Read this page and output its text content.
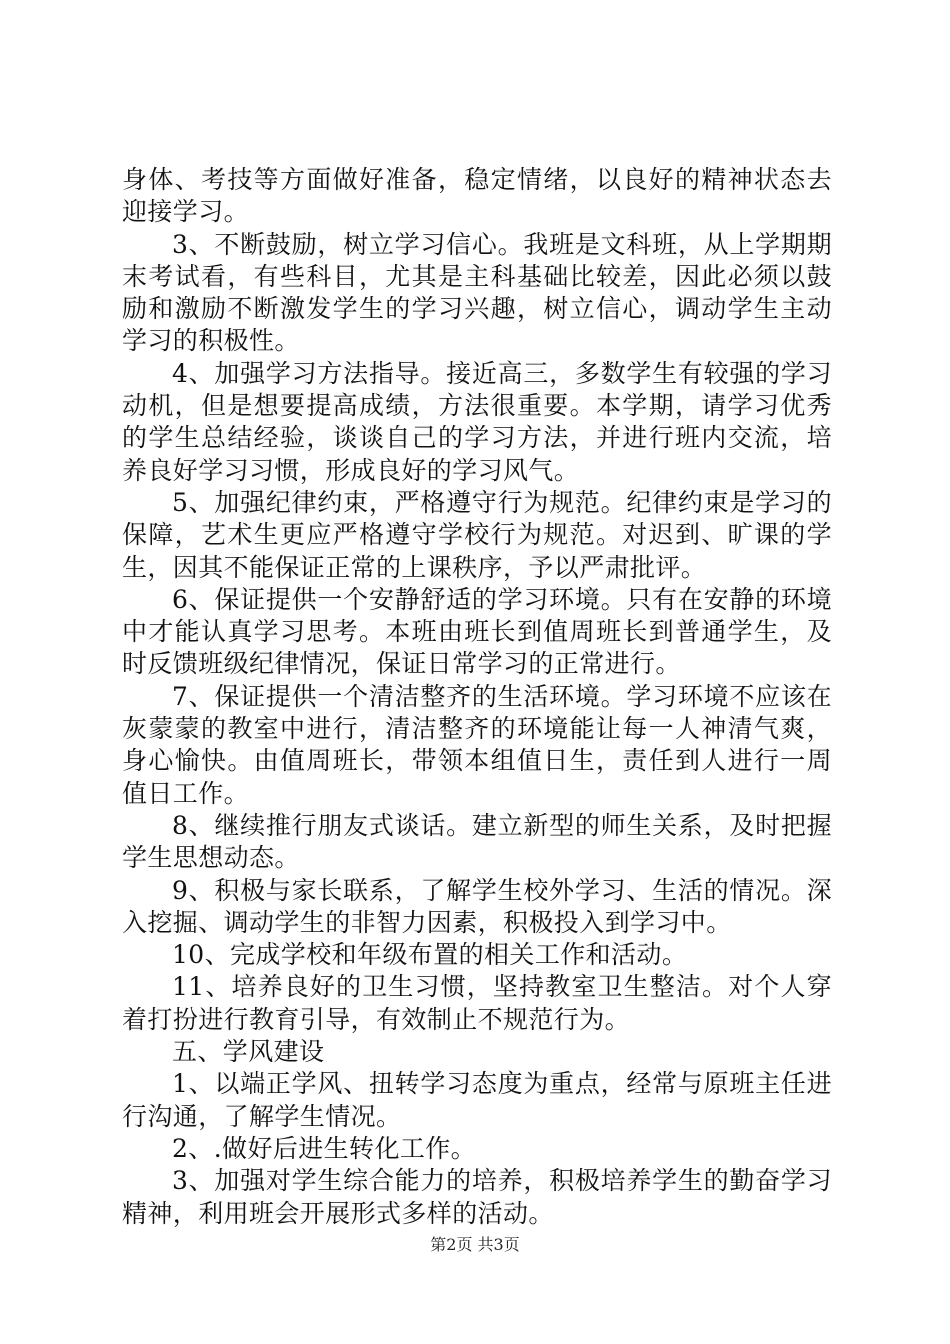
身体、考技等方面做好准备，稳定情绪，以良好的精神状态去迎接学习。

3、不断鼓励，树立学习信心。我班是文科班，从上学期期末考试看，有些科目，尤其是主科基础比较差，因此必须以鼓励和激励不断激发学生的学习兴趣，树立信心，调动学生主动学习的积极性。

4、加强学习方法指导。接近高三，多数学生有较强的学习动机，但是想要提高成绩，方法很重要。本学期，请学习优秀的学生总结经验，谈谈自己的学习方法，并进行班内交流，培养良好学习习惯，形成良好的学习风气。

5、加强纪律约束，严格遵守行为规范。纪律约束是学习的保障，艺术生更应严格遵守学校行为规范。对迟到、旷课的学生，因其不能保证正常的上课秩序，予以严肃批评。

6、保证提供一个安静舒适的学习环境。只有在安静的环境中才能认真学习思考。本班由班长到值周班长到普通学生，及时反馈班级纪律情况，保证日常学习的正常进行。

7、保证提供一个清洁整齐的生活环境。学习环境不应该在灰蒙蒙的教室中进行，清洁整齐的环境能让每一人神清气爽，身心愉快。由值周班长，带领本组值日生，责任到人进行一周值日工作。

8、继续推行朋友式谈话。建立新型的师生关系，及时把握学生思想动态。

9、积极与家长联系，了解学生校外学习、生活的情况。深入挖掘、调动学生的非智力因素，积极投入到学习中。

10、完成学校和年级布置的相关工作和活动。

11、培养良好的卫生习惯，坚持教室卫生整洁。对个人穿着打扮进行教育引导，有效制止不规范行为。

五、学风建设

1、以端正学风、扭转学习态度为重点，经常与原班主任进行沟通，了解学生情况。

2、.做好后进生转化工作。

3、加强对学生综合能力的培养，积极培养学生的勤奋学习精神，利用班会开展形式多样的活动。

第2页 共3页
